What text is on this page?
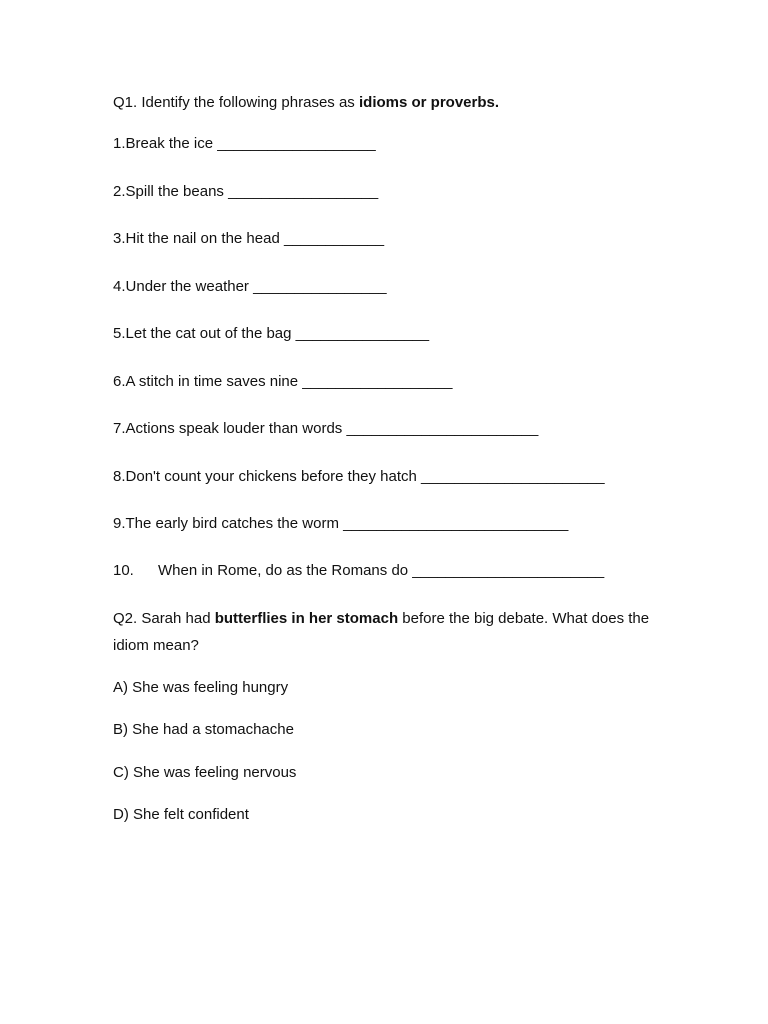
Q1. Identify the following phrases as idioms or proverbs.
1.Break the ice ___________________
2.Spill the beans __________________
3.Hit the nail on the head ____________
4.Under the weather ________________
5.Let the cat out of the bag ________________
6.A stitch in time saves nine __________________
7.Actions speak louder than words _______________________
8.Don't count your chickens before they hatch ______________________
9.The early bird catches the worm ___________________________
10. When in Rome, do as the Romans do _______________________
Q2. Sarah had butterflies in her stomach before the big debate. What does the idiom mean?
A) She was feeling hungry
B) She had a stomachache
C) She was feeling nervous
D) She felt confident
